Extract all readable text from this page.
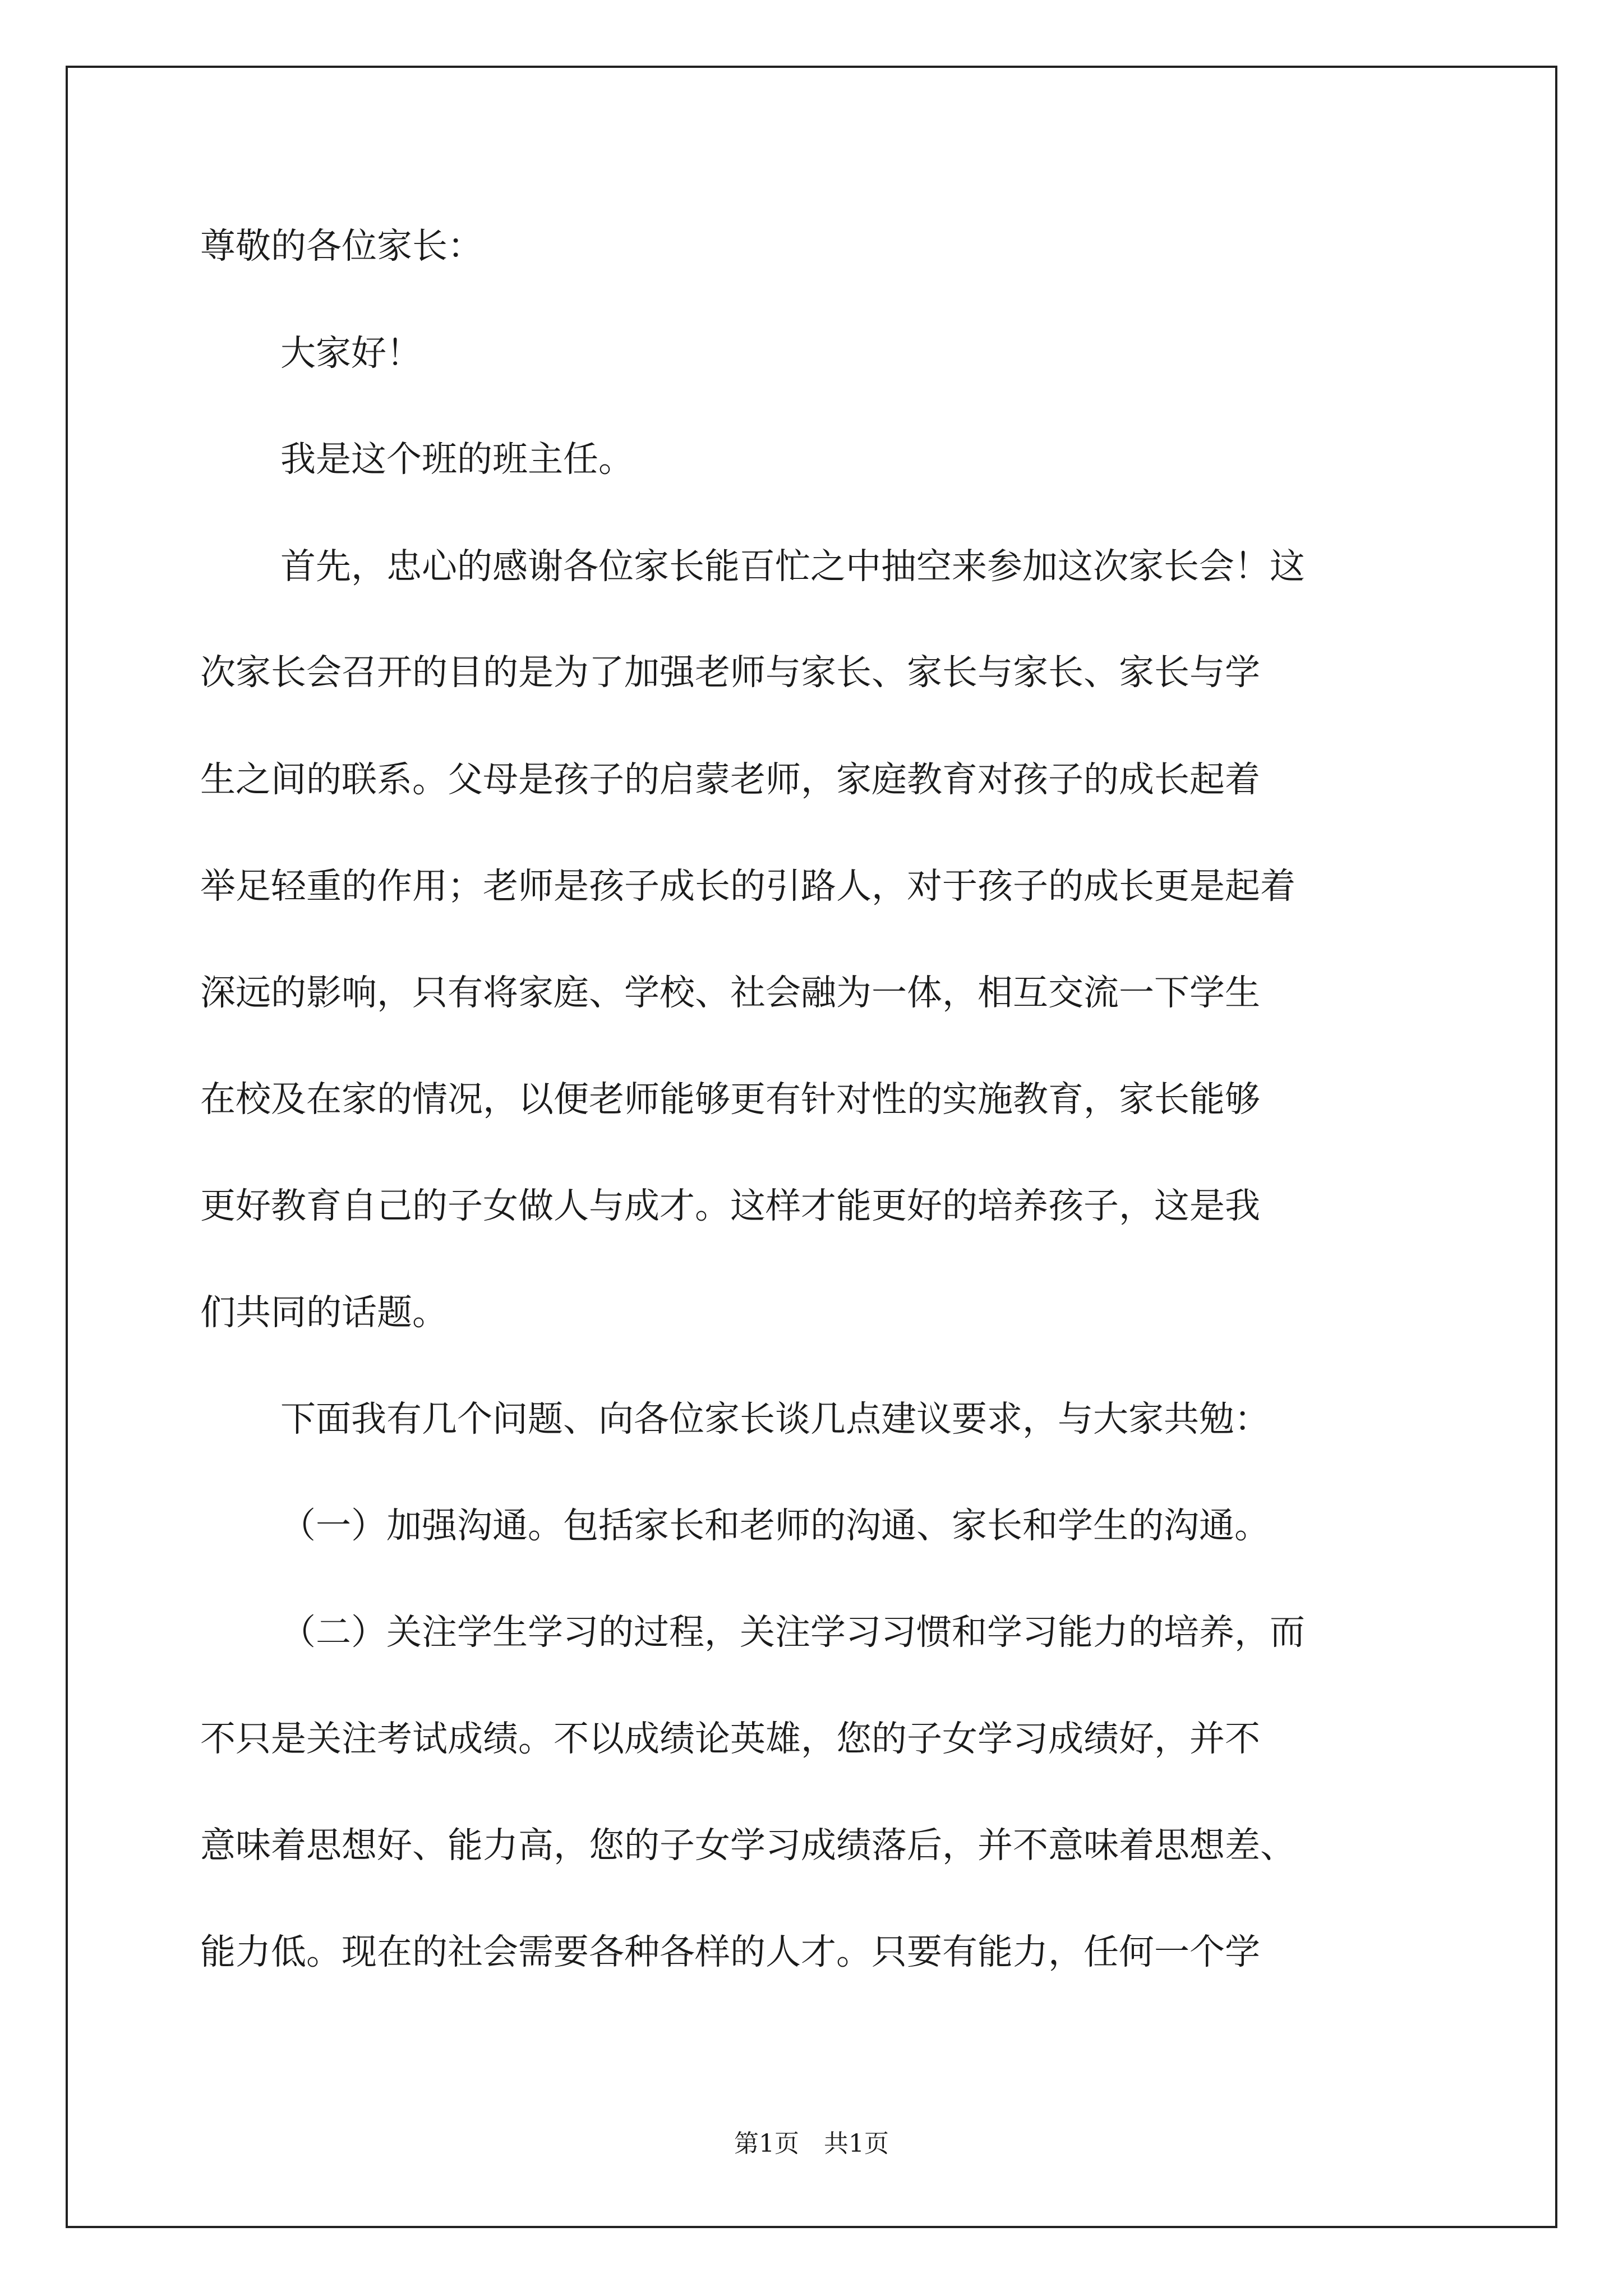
尊敬的各位家长：

大家好！

我是这个班的班主任。

首先，忠心的感谢各位家长能百忙之中抽空来参加这次家长会！这

次家长会召开的目的是为了加强老师与家长、家长与家长、家长与学

生之间的联系。父母是孩子的启蒙老师，家庭教育对孩子的成长起着

举足轻重的作用；老师是孩子成长的引路人，对于孩子的成长更是起着

深远的影响，只有将家庭、学校、社会融为一体，相互交流一下学生

在校及在家的情况，以便老师能够更有针对性的实施教育，家长能够

更好教育自己的子女做人与成才。这样才能更好的培养孩子，这是我

们共同的话题。

下面我有几个问题、向各位家长谈几点建议要求，与大家共勉：

（一）加强沟通。包括家长和老师的沟通、家长和学生的沟通。

（二）关注学生学习的过程，关注学习习惯和学习能力的培养，而

不只是关注考试成绩。不以成绩论英雄，您的子女学习成绩好，并不

意味着思想好、能力高，您的子女学习成绩落后，并不意味着思想差、

能力低。现在的社会需要各种各样的人才。只要有能力，任何一个学

第1页　共1页
